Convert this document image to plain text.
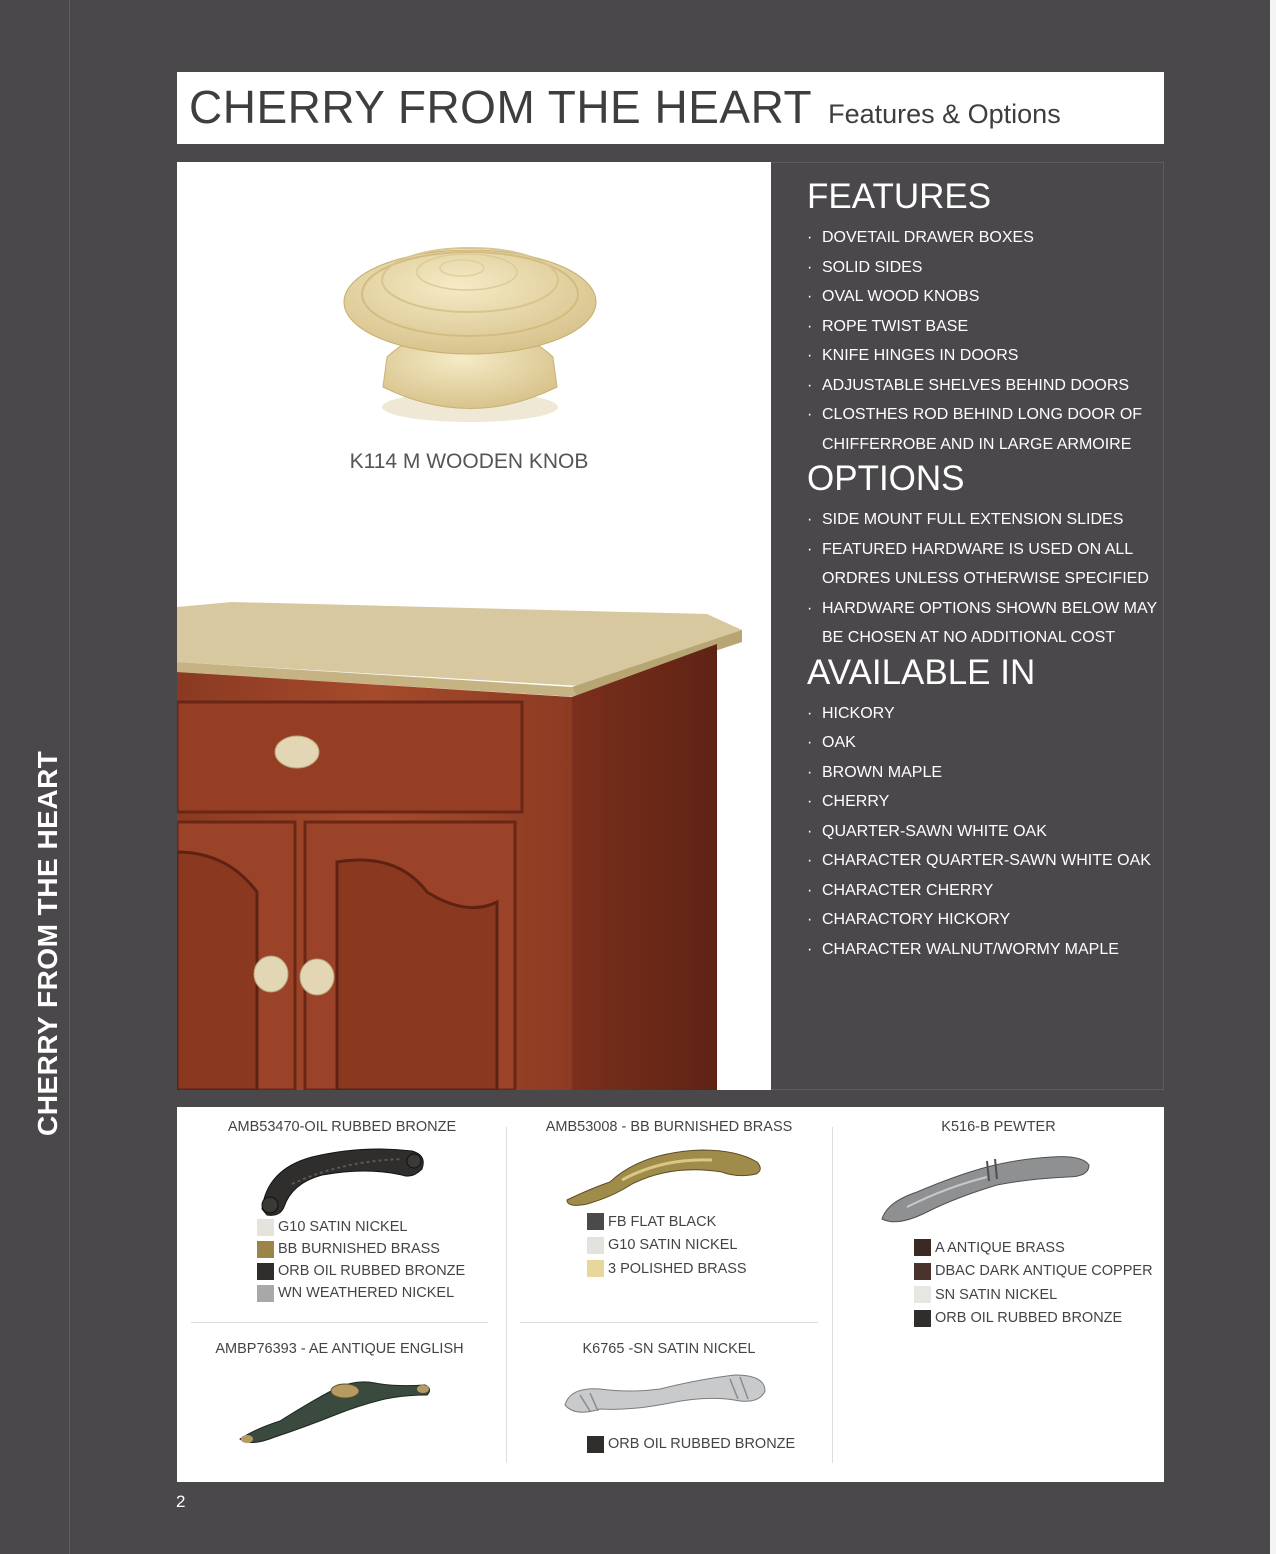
CHERRY FROM THE HEART
CHERRY FROM THE HEART Features & Options
K114 M WOODEN KNOB
FEATURES
· DOVETAIL DRAWER BOXES
· SOLID SIDES
· OVAL WOOD KNOBS
· ROPE TWIST BASE
· KNIFE HINGES IN DOORS
· ADJUSTABLE SHELVES BEHIND DOORS
· CLOSTHES ROD BEHIND LONG DOOR OF
CHIFFERROBE AND IN LARGE ARMOIRE
OPTIONS
· SIDE MOUNT FULL EXTENSION SLIDES
· FEATURED HARDWARE IS USED ON ALL
ORDRES UNLESS OTHERWISE SPECIFIED
· HARDWARE OPTIONS SHOWN BELOW MAY
BE CHOSEN AT NO ADDITIONAL COST
AVAILABLE IN
· HICKORY
· OAK
· BROWN MAPLE
· CHERRY
· QUARTER-SAWN WHITE OAK
· CHARACTER QUARTER-SAWN WHITE OAK
· CHARACTER CHERRY
· CHARACTORY HICKORY
· CHARACTER WALNUT/WORMY MAPLE
AMB53470-OIL RUBBED BRONZE
G10 SATIN NICKEL
BB BURNISHED BRASS
ORB OIL RUBBED BRONZE
WN WEATHERED NICKEL
AMB53008 - BB BURNISHED BRASS
FB FLAT BLACK
G10 SATIN NICKEL
3 POLISHED BRASS
K516-B PEWTER
A ANTIQUE BRASS
DBAC DARK ANTIQUE COPPER
SN SATIN NICKEL
ORB OIL RUBBED BRONZE
AMBP76393 - AE ANTIQUE ENGLISH	K6765 -SN SATIN NICKEL
ORB OIL RUBBED BRONZE
2
